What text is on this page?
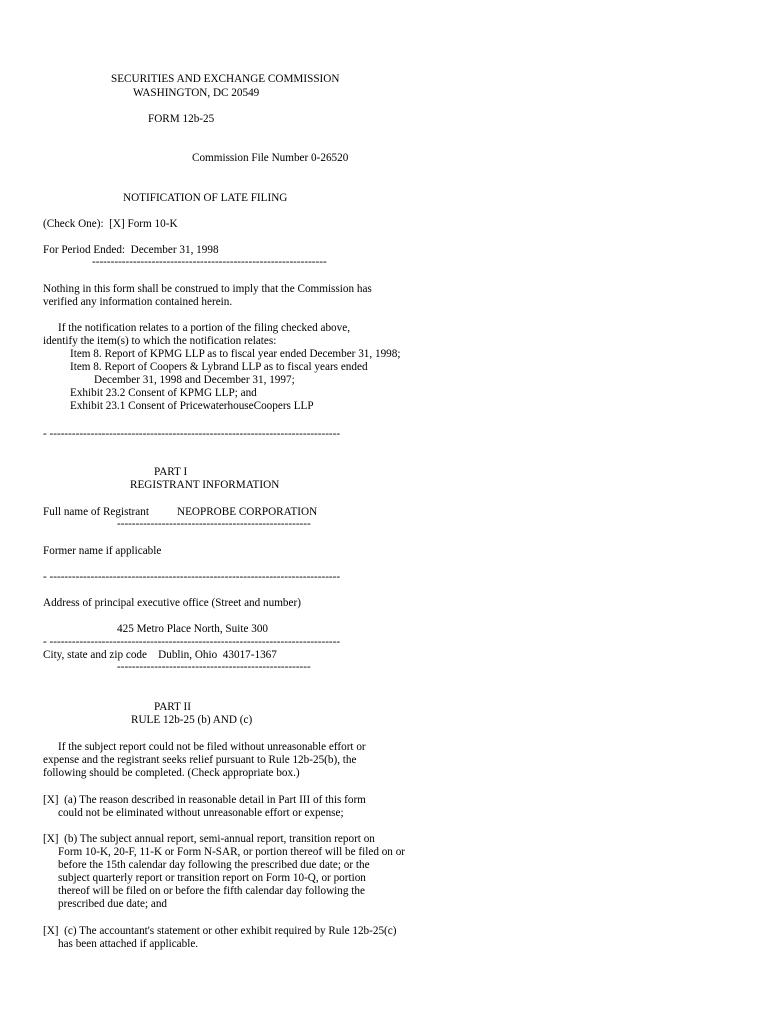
SECURITIES AND EXCHANGE COMMISSION

WASHINGTON, DC 20549

FORM 12b-25

Commission File Number 0-26520

NOTIFICATION OF LATE FILING

(Check One):  [X] Form 10-K

For Period Ended:  December 31, 1998

---------------------------------------------------------------

Nothing in this form shall be construed to imply that the Commission has

verified any information contained herein.

If the notification relates to a portion of the filing checked above,

identify the item(s) to which the notification relates:

Item 8. Report of KPMG LLP as to fiscal year ended December 31, 1998;

Item 8. Report of Coopers & Lybrand LLP as to fiscal years ended

December 31, 1998 and December 31, 1997;

Exhibit 23.2 Consent of KPMG LLP; and

Exhibit 23.1 Consent of PricewaterhouseCoopers LLP

- ------------------------------------------------------------------------------

PART I

REGISTRANT INFORMATION

Full name of Registrant	NEOPROBE CORPORATION

----------------------------------------------------

Former name if applicable

- ------------------------------------------------------------------------------

Address of principal executive office (Street and number)

425 Metro Place North, Suite 300

- ------------------------------------------------------------------------------

City, state and zip code    Dublin, Ohio  43017-1367

----------------------------------------------------

PART II

RULE 12b-25 (b) AND (c)

If the subject report could not be filed without unreasonable effort or

expense and the registrant seeks relief pursuant to Rule 12b-25(b), the

following should be completed. (Check appropriate box.)

[X]  (a) The reason described in reasonable detail in Part III of this form

could not be eliminated without unreasonable effort or expense;

[X]  (b) The subject annual report, semi-annual report, transition report on

Form 10-K, 20-F, 11-K or Form N-SAR, or portion thereof will be filed on or

before the 15th calendar day following the prescribed due date; or the

subject quarterly report or transition report on Form 10-Q, or portion

thereof will be filed on or before the fifth calendar day following the

prescribed due date; and

[X]  (c) The accountant's statement or other exhibit required by Rule 12b-25(c)

has been attached if applicable.
